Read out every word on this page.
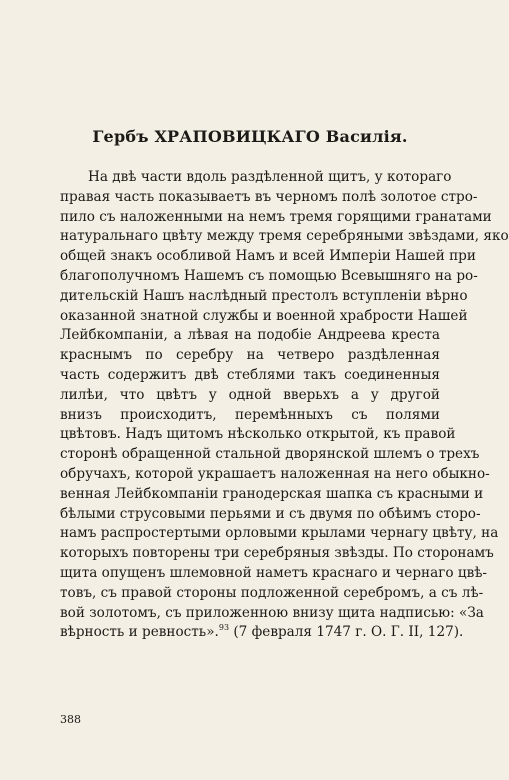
Гербъ ХРАПОВИЦКАГО Василія.
На двѣ части вдоль раздѣленной щитъ, у котораго
правая часть показываетъ въ черномъ полѣ золотое стро-
пило съ наложенными на немъ тремя горящими гранатами
натуральнаго цвѣту между тремя серебряными звѣздами, яко
общей знакъ особливой Намъ и всей Имперіи Нашей при
благополучномъ Нашемъ съ помощью Всевышняго на ро-
дительскій Нашъ наслѣдный престолъ вступленіи вѣрно
оказанной знатной службы и военной храбрости Нашей
Лейбкомпаніи, а лѣвая на подобіе Андреева креста
краснымъ по серебру на четверо раздѣленная
часть содержитъ двѣ стеблями такъ соединенныя
лилѣи, что цвѣтъ у одной вверьхъ а у другой
внизъ происходитъ, перемѣнныхъ съ полями
цвѣтовъ. Надъ щитомъ нѣсколько открытой, къ правой
сторонѣ обращенной стальной дворянской шлемъ о трехъ
обручахъ, которой украшаетъ наложенная на него обыкно-
венная Лейбкомпаніи гранодерская шапка съ красными и
бѣлыми струсовыми перьями и съ двумя по обѣимъ сторо-
намъ распростертыми орловыми крылами чернагу цвѣту, на
которыхъ повторены три серебряныя звѣзды. По сторонамъ
щита опущенъ шлемовной наметъ краснаго и чернаго цвѣ-
товъ, съ правой стороны подложенной серебромъ, а съ лѣ-
вой золотомъ, съ приложенною внизу щита надписью: «За
вѣрность и ревность».$^{93}$ (7 февраля 1747 г. О. Г. II, 127).
388
